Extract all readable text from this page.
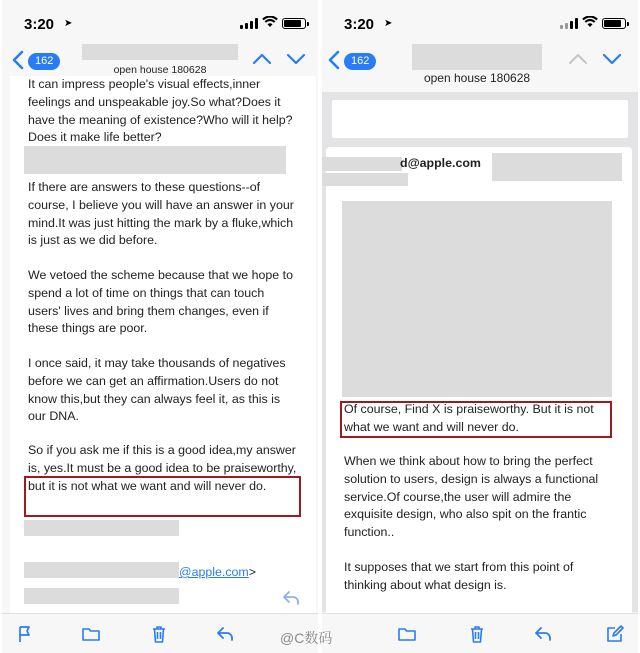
3:20 ➤
162
open house 180628
It can impress people's visual effects,inner feelings and unspeakable joy.So what?Does it have the meaning of existence?Who will it help? Does it make life better?
If there are answers to these questions--of course, I believe you will have an answer in your mind.It was just hitting the mark by a fluke,which is just as we did before.
We vetoed the scheme because that we hope to spend a lot of time on things that can touch users' lives and bring them changes, even if these things are poor.
I once said, it may take thousands of negatives before we can get an affirmation.Users do not know this,but they can always feel it, as this is our DNA.
So if you ask me if this is a good idea,my answer is, yes.It must be a good idea to be praiseworthy, but it is not what we want and will never do.
@apple.com>
3:20 ➤
162
open house 180628
d@apple.com
Of course, Find X is praiseworthy. But it is not what we want and will never do.
When we think about how to bring the perfect solution to users, design is always a functional service.Of course,the user will admire the exquisite design, who also spit on the frantic function..
It supposes that we start from this point of thinking about what design is.
@C数码
